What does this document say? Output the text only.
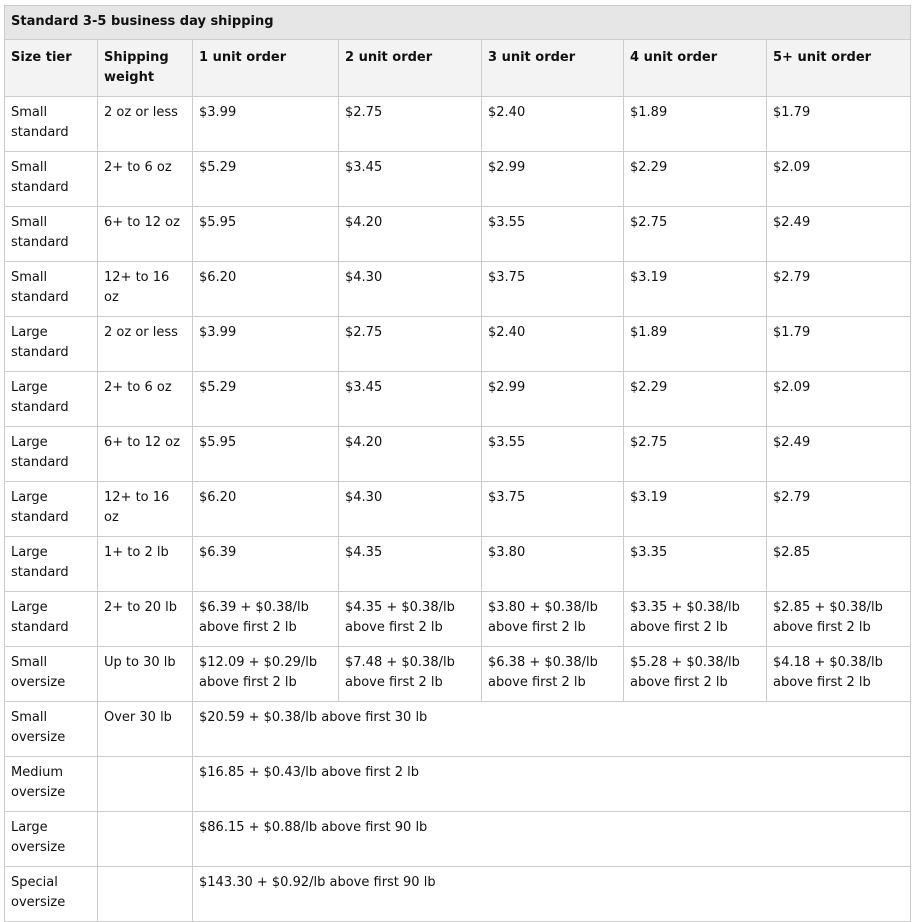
Standard 3-5 business day shipping						
Size tier	Shipping weight	1 unit order	2 unit order	3 unit order	4 unit order	5+ unit order
Small standard	2 oz or less	$3.99	$2.75	$2.40	$1.89	$1.79
Small standard	2+ to 6 oz	$5.29	$3.45	$2.99	$2.29	$2.09
Small standard	6+ to 12 oz	$5.95	$4.20	$3.55	$2.75	$2.49
Small standard	12+ to 16 oz	$6.20	$4.30	$3.75	$3.19	$2.79
Large standard	2 oz or less	$3.99	$2.75	$2.40	$1.89	$1.79
Large standard	2+ to 6 oz	$5.29	$3.45	$2.99	$2.29	$2.09
Large standard	6+ to 12 oz	$5.95	$4.20	$3.55	$2.75	$2.49
Large standard	12+ to 16 oz	$6.20	$4.30	$3.75	$3.19	$2.79
Large standard	1+ to 2 lb	$6.39	$4.35	$3.80	$3.35	$2.85
Large standard	2+ to 20 lb	$6.39 + $0.38/lb above first 2 lb	$4.35 + $0.38/lb above first 2 lb	$3.80 + $0.38/lb above first 2 lb	$3.35 + $0.38/lb above first 2 lb	$2.85 + $0.38/lb above first 2 lb
Small oversize	Up to 30 lb	$12.09 + $0.29/lb above first 2 lb	$7.48 + $0.38/lb above first 2 lb	$6.38 + $0.38/lb above first 2 lb	$5.28 + $0.38/lb above first 2 lb	$4.18 + $0.38/lb above first 2 lb
Small oversize	Over 30 lb	$20.59 + $0.38/lb above first 30 lb				
Medium oversize		$16.85 + $0.43/lb above first 2 lb				
Large oversize		$86.15 + $0.88/lb above first 90 lb				
Special oversize		$143.30 + $0.92/lb above first 90 lb				
